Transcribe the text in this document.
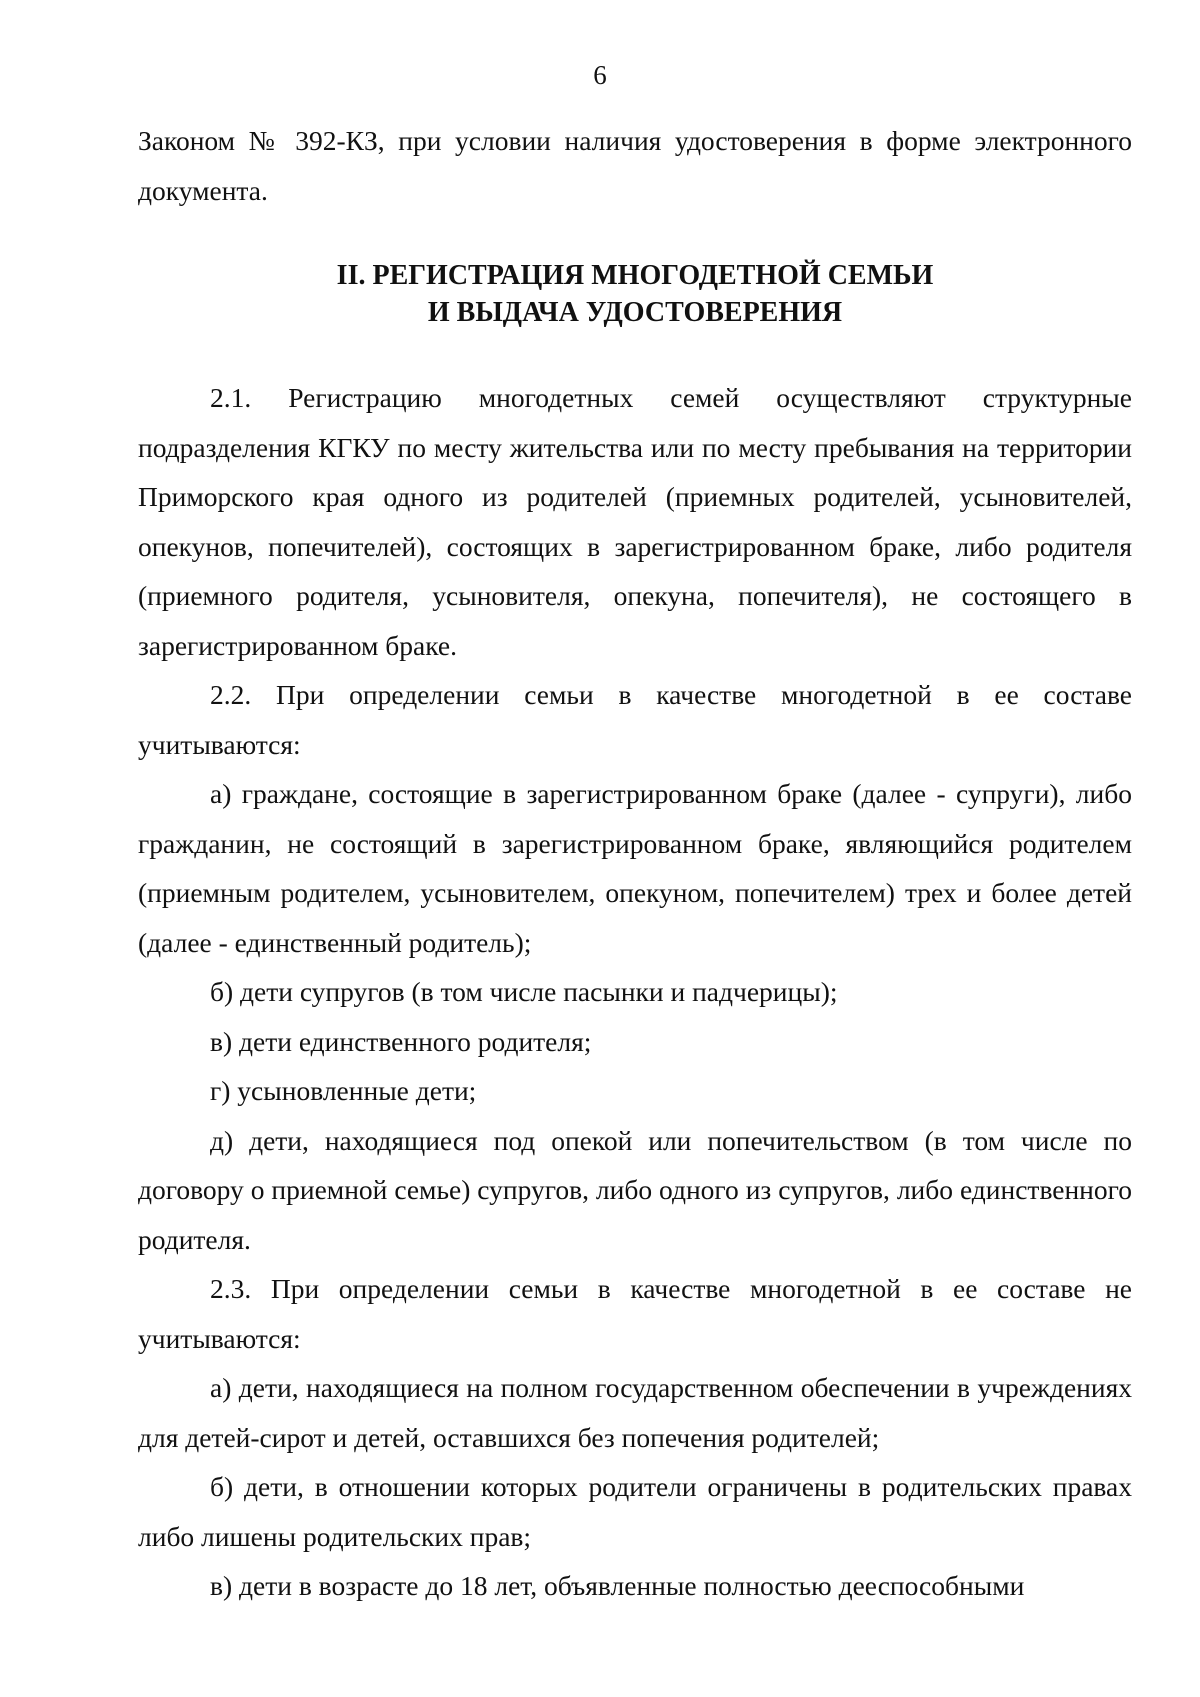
6

Законом № 392-КЗ, при условии наличия удостоверения в форме электронного документа.

II. РЕГИСТРАЦИЯ МНОГОДЕТНОЙ СЕМЬИ
И ВЫДАЧА УДОСТОВЕРЕНИЯ

2.1. Регистрацию многодетных семей осуществляют структурные подразделения КГКУ по месту жительства или по месту пребывания на территории Приморского края одного из родителей (приемных родителей, усыновителей, опекунов, попечителей), состоящих в зарегистрированном браке, либо родителя (приемного родителя, усыновителя, опекуна, попечителя), не состоящего в зарегистрированном браке.

2.2. При определении семьи в качестве многодетной в ее составе учитываются:

а) граждане, состоящие в зарегистрированном браке (далее - супруги), либо гражданин, не состоящий в зарегистрированном браке, являющийся родителем (приемным родителем, усыновителем, опекуном, попечителем) трех и более детей (далее - единственный родитель);

б) дети супругов (в том числе пасынки и падчерицы);

в) дети единственного родителя;

г) усыновленные дети;

д) дети, находящиеся под опекой или попечительством (в том числе по договору о приемной семье) супругов, либо одного из супругов, либо единственного родителя.

2.3. При определении семьи в качестве многодетной в ее составе не учитываются:

а) дети, находящиеся на полном государственном обеспечении в учреждениях для детей-сирот и детей, оставшихся без попечения родителей;

б) дети, в отношении которых родители ограничены в родительских правах либо лишены родительских прав;

в) дети в возрасте до 18 лет, объявленные полностью дееспособными
